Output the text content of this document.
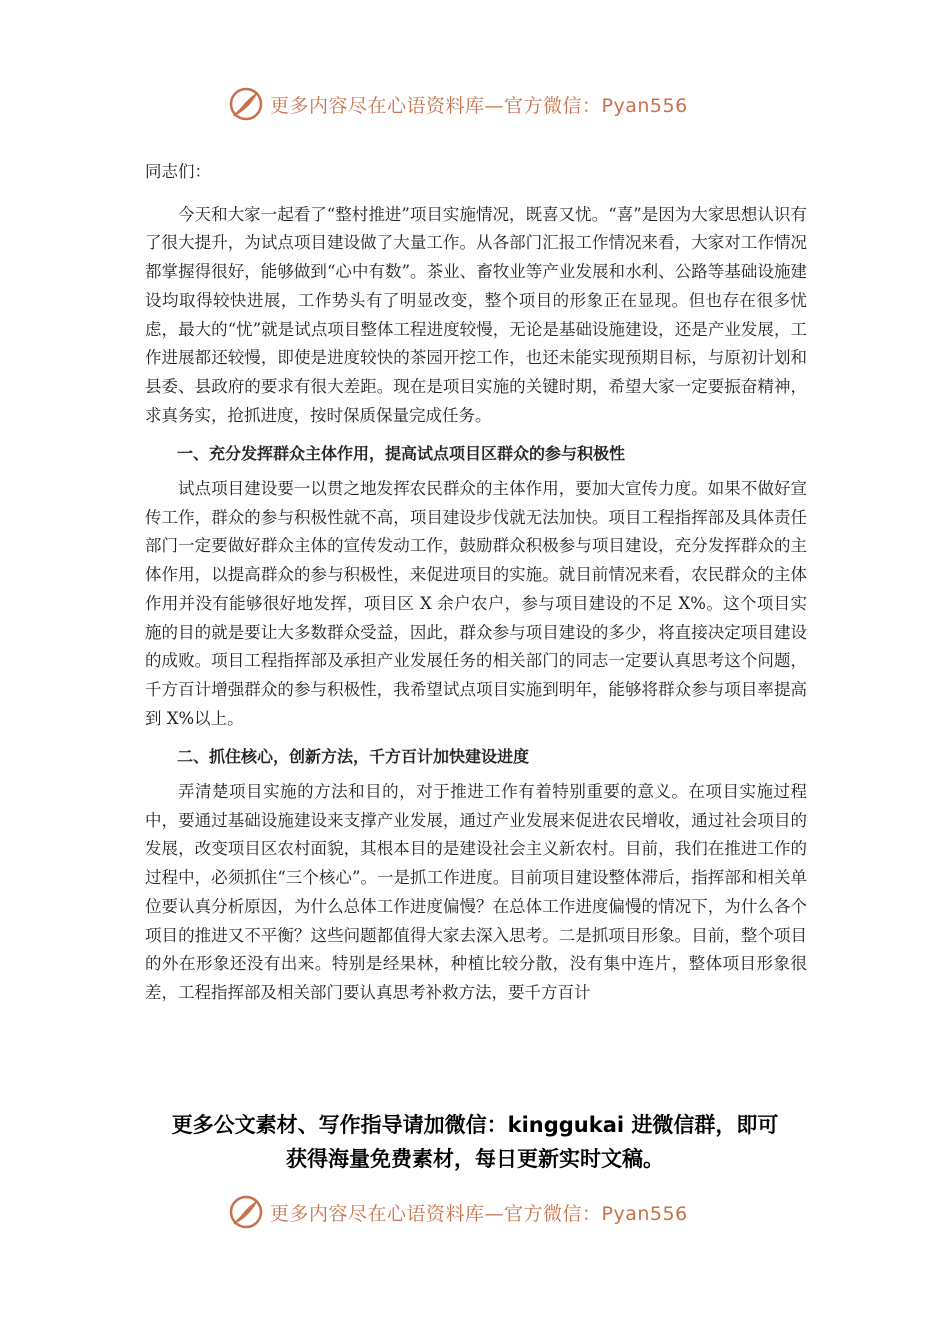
更多内容尽在心语资料库—官方微信：Pyan556

同志们：

今天和大家一起看了“整村推进”项目实施情况，既喜又忧。“喜”是因为大家思想认识有了很大提升，为试点项目建设做了大量工作。从各部门汇报工作情况来看，大家对工作情况都掌握得很好，能够做到“心中有数”。茶业、畜牧业等产业发展和水利、公路等基础设施建设均取得较快进展，工作势头有了明显改变，整个项目的形象正在显现。但也存在很多忧虑，最大的“忧”就是试点项目整体工程进度较慢，无论是基础设施建设，还是产业发展，工作进展都还较慢，即使是进度较快的茶园开挖工作，也还未能实现预期目标，与原初计划和县委、县政府的要求有很大差距。现在是项目实施的关键时期，希望大家一定要振奋精神，求真务实，抢抓进度，按时保质保量完成任务。

一、充分发挥群众主体作用，提高试点项目区群众的参与积极性

试点项目建设要一以贯之地发挥农民群众的主体作用，要加大宣传力度。如果不做好宣传工作，群众的参与积极性就不高，项目建设步伐就无法加快。项目工程指挥部及具体责任部门一定要做好群众主体的宣传发动工作，鼓励群众积极参与项目建设，充分发挥群众的主体作用，以提高群众的参与积极性，来促进项目的实施。就目前情况来看，农民群众的主体作用并没有能够很好地发挥，项目区 X 余户农户，参与项目建设的不足 X%。这个项目实施的目的就是要让大多数群众受益，因此，群众参与项目建设的多少，将直接决定项目建设的成败。项目工程指挥部及承担产业发展任务的相关部门的同志一定要认真思考这个问题，千方百计增强群众的参与积极性，我希望试点项目实施到明年，能够将群众参与项目率提高到 X%以上。

二、抓住核心，创新方法，千方百计加快建设进度

弄清楚项目实施的方法和目的，对于推进工作有着特别重要的意义。在项目实施过程中，要通过基础设施建设来支撑产业发展，通过产业发展来促进农民增收，通过社会项目的发展，改变项目区农村面貌，其根本目的是建设社会主义新农村。目前，我们在推进工作的过程中，必须抓住“三个核心”。一是抓工作进度。目前项目建设整体滞后，指挥部和相关单位要认真分析原因，为什么总体工作进度偏慢？在总体工作进度偏慢的情况下，为什么各个项目的推进又不平衡？这些问题都值得大家去深入思考。二是抓项目形象。目前，整个项目的外在形象还没有出来。特别是经果林，种植比较分散，没有集中连片，整体项目形象很差，工程指挥部及相关部门要认真思考补救方法，要千方百计

更多公文素材、写作指导请加微信：kinggukai 进微信群，即可
获得海量免费素材，每日更新实时文稿。
更多内容尽在心语资料库—官方微信：Pyan556
